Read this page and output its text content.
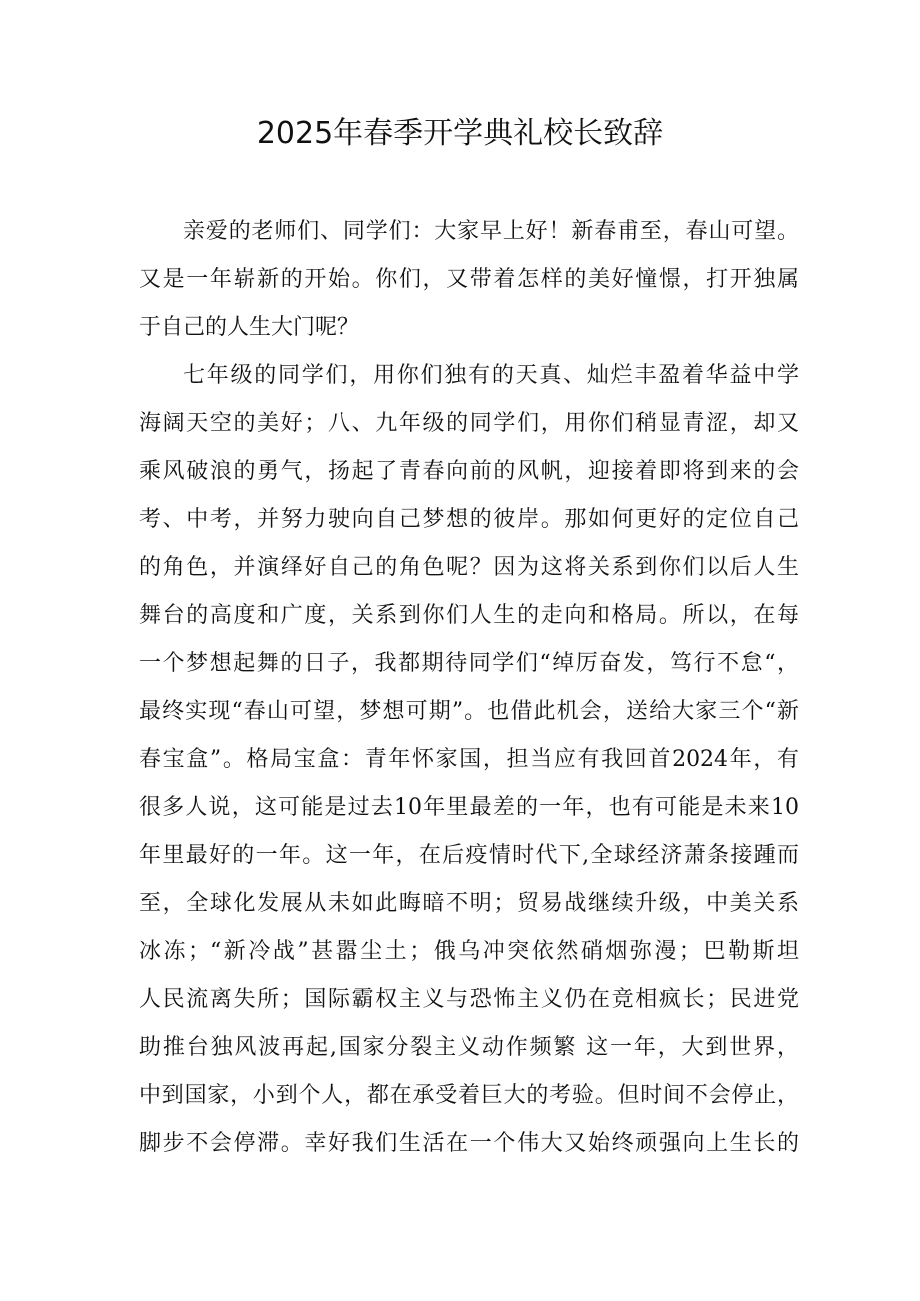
2025年春季开学典礼校长致辞
亲爱的老师们、同学们：大家早上好！新春甫至，春山可望。
又是一年崭新的开始。你们，又带着怎样的美好憧憬，打开独属
于自己的人生大门呢？
七年级的同学们，用你们独有的天真、灿烂丰盈着华益中学
海阔天空的美好；八、九年级的同学们，用你们稍显青涩，却又
乘风破浪的勇气，扬起了青春向前的风帆，迎接着即将到来的会
考、中考，并努力驶向自己梦想的彼岸。那如何更好的定位自己
的角色，并演绎好自己的角色呢？因为这将关系到你们以后人生
舞台的高度和广度，关系到你们人生的走向和格局。所以，在每
一个梦想起舞的日子，我都期待同学们“绰厉奋发，笃行不怠“，
最终实现“春山可望，梦想可期”。也借此机会，送给大家三个“新
春宝盒”。格局宝盒：青年怀家国，担当应有我回首2024年，有
很多人说，这可能是过去10年里最差的一年，也有可能是未来10
年里最好的一年。这一年，在后疫情时代下,全球经济萧条接踵而
至，全球化发展从未如此晦暗不明；贸易战继续升级，中美关系
冰冻；“新冷战”甚嚣尘土；俄乌冲突依然硝烟弥漫；巴勒斯坦
人民流离失所；国际霸权主义与恐怖主义仍在竞相疯长；民进党
助推台独风波再起,国家分裂主义动作频繁 这一年，大到世界，
中到国家，小到个人，都在承受着巨大的考验。但时间不会停止，
脚步不会停滞。幸好我们生活在一个伟大又始终顽强向上生长的
